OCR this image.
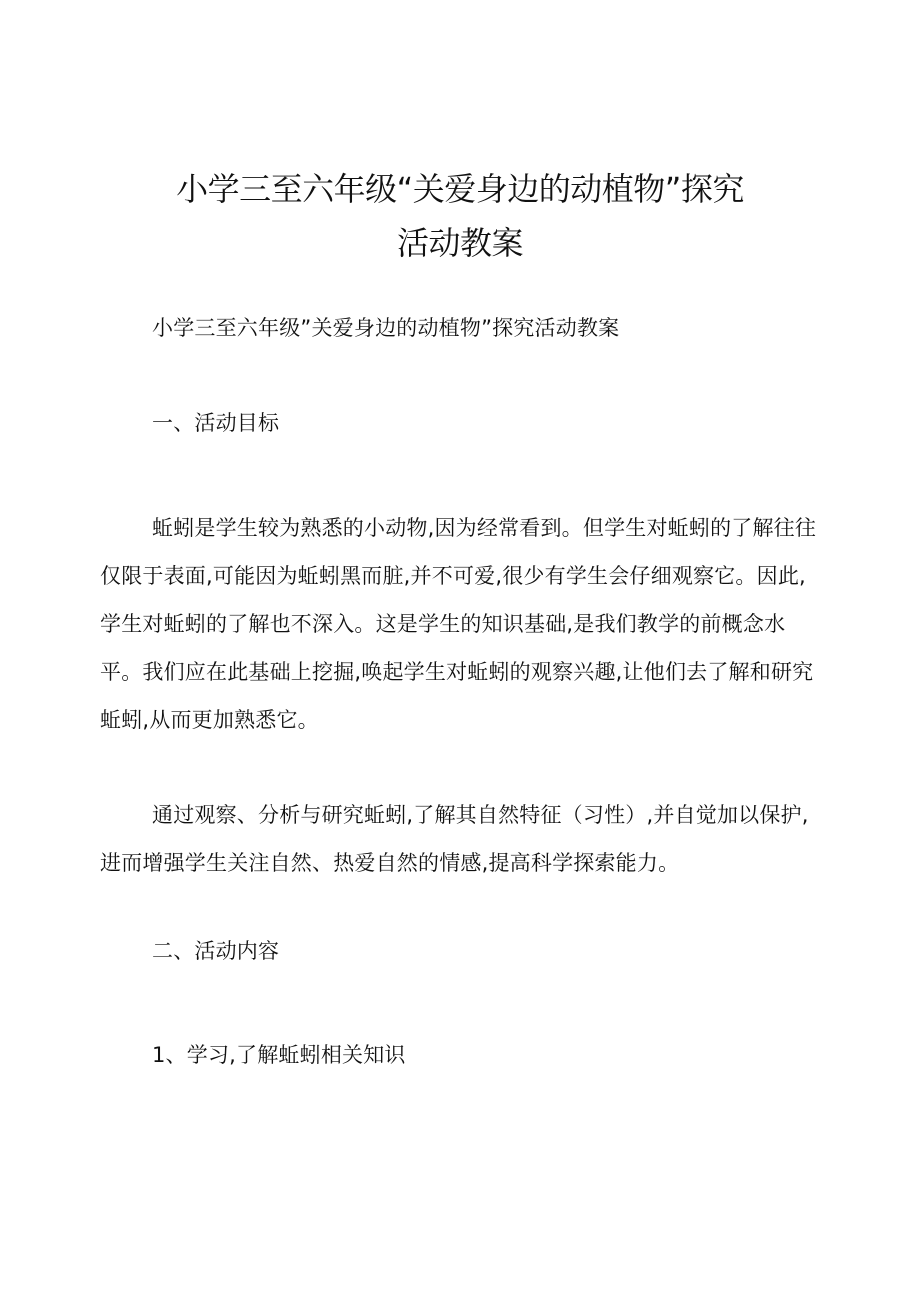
小学三至六年级“关爱身边的动植物”探究
活动教案

小学三至六年级”关爱身边的动植物”探究活动教案

一、活动目标

蚯蚓是学生较为熟悉的小动物,因为经常看到。但学生对蚯蚓的了解往往仅限于表面,可能因为蚯蚓黑而脏,并不可爱,很少有学生会仔细观察它。因此,学生对蚯蚓的了解也不深入。这是学生的知识基础,是我们教学的前概念水平。我们应在此基础上挖掘,唤起学生对蚯蚓的观察兴趣,让他们去了解和研究蚯蚓,从而更加熟悉它。

通过观察、分析与研究蚯蚓,了解其自然特征（习性）,并自觉加以保护,进而增强学生关注自然、热爱自然的情感,提高科学探索能力。

二、活动内容

1、学习,了解蚯蚓相关知识
